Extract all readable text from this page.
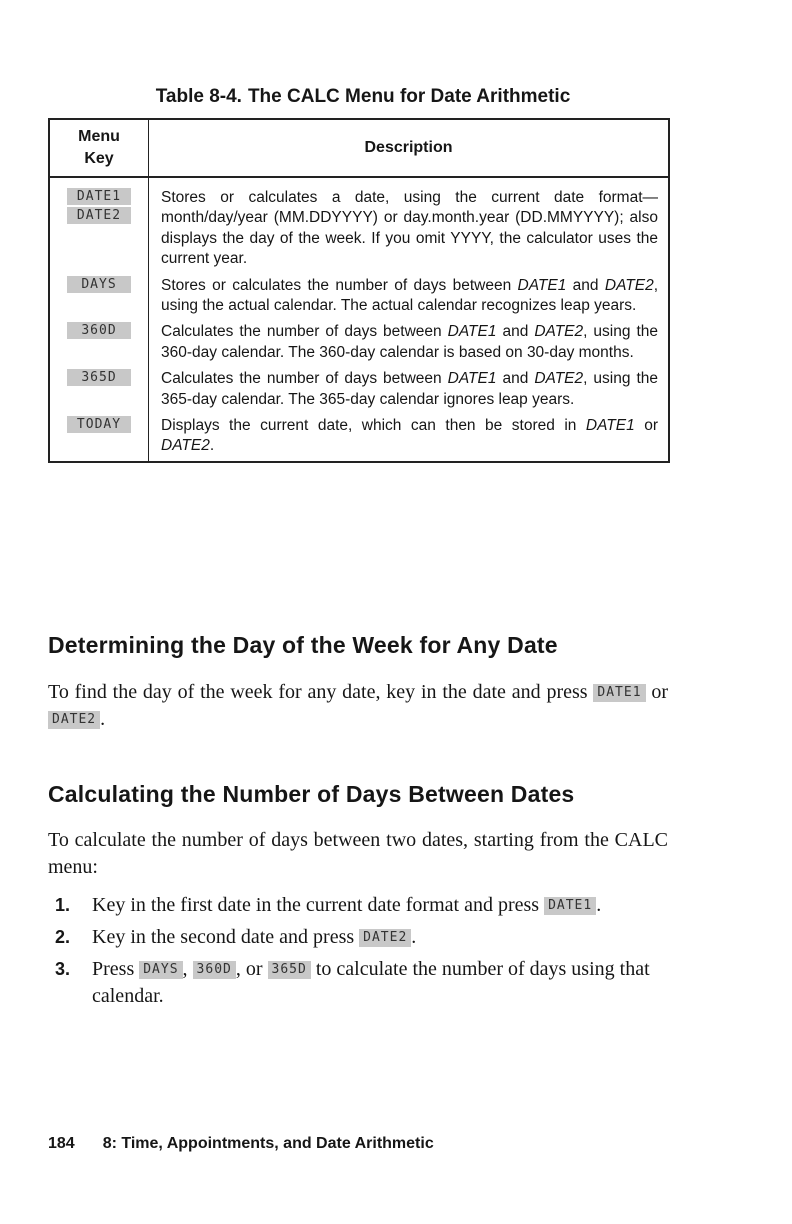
Table 8-4. The CALC Menu for Date Arithmetic
Menu
Key	Description

DATE1
DATE2	Stores or calculates a date, using the current date format—month/day/year (MM.DDYYYY) or day.month.year (DD.MMYYYY); also displays the day of the week. If you omit YYYY, the calculator uses the current year.

DAYS	Stores or calculates the number of days between DATE1 and DATE2, using the actual calendar. The actual calendar recognizes leap years.

360D	Calculates the number of days between DATE1 and DATE2, using the 360-day calendar. The 360-day calendar is based on 30-day months.

365D	Calculates the number of days between DATE1 and DATE2, using the 365-day calendar. The 365-day calendar ignores leap years.

TODAY	Displays the current date, which can then be stored in DATE1 or DATE2.
Determining the Day of the Week for Any Date

To find the day of the week for any date, key in the date and press DATE1 or DATE2 .

Calculating the Number of Days Between Dates

To calculate the number of days between two dates, starting from the CALC menu:

1. Key in the first date in the current date format and press DATE1 .
2. Key in the second date and press DATE2 .
3. Press DAYS , 360D , or 365D to calculate the number of days using that calendar.
184 8: Time, Appointments, and Date Arithmetic
